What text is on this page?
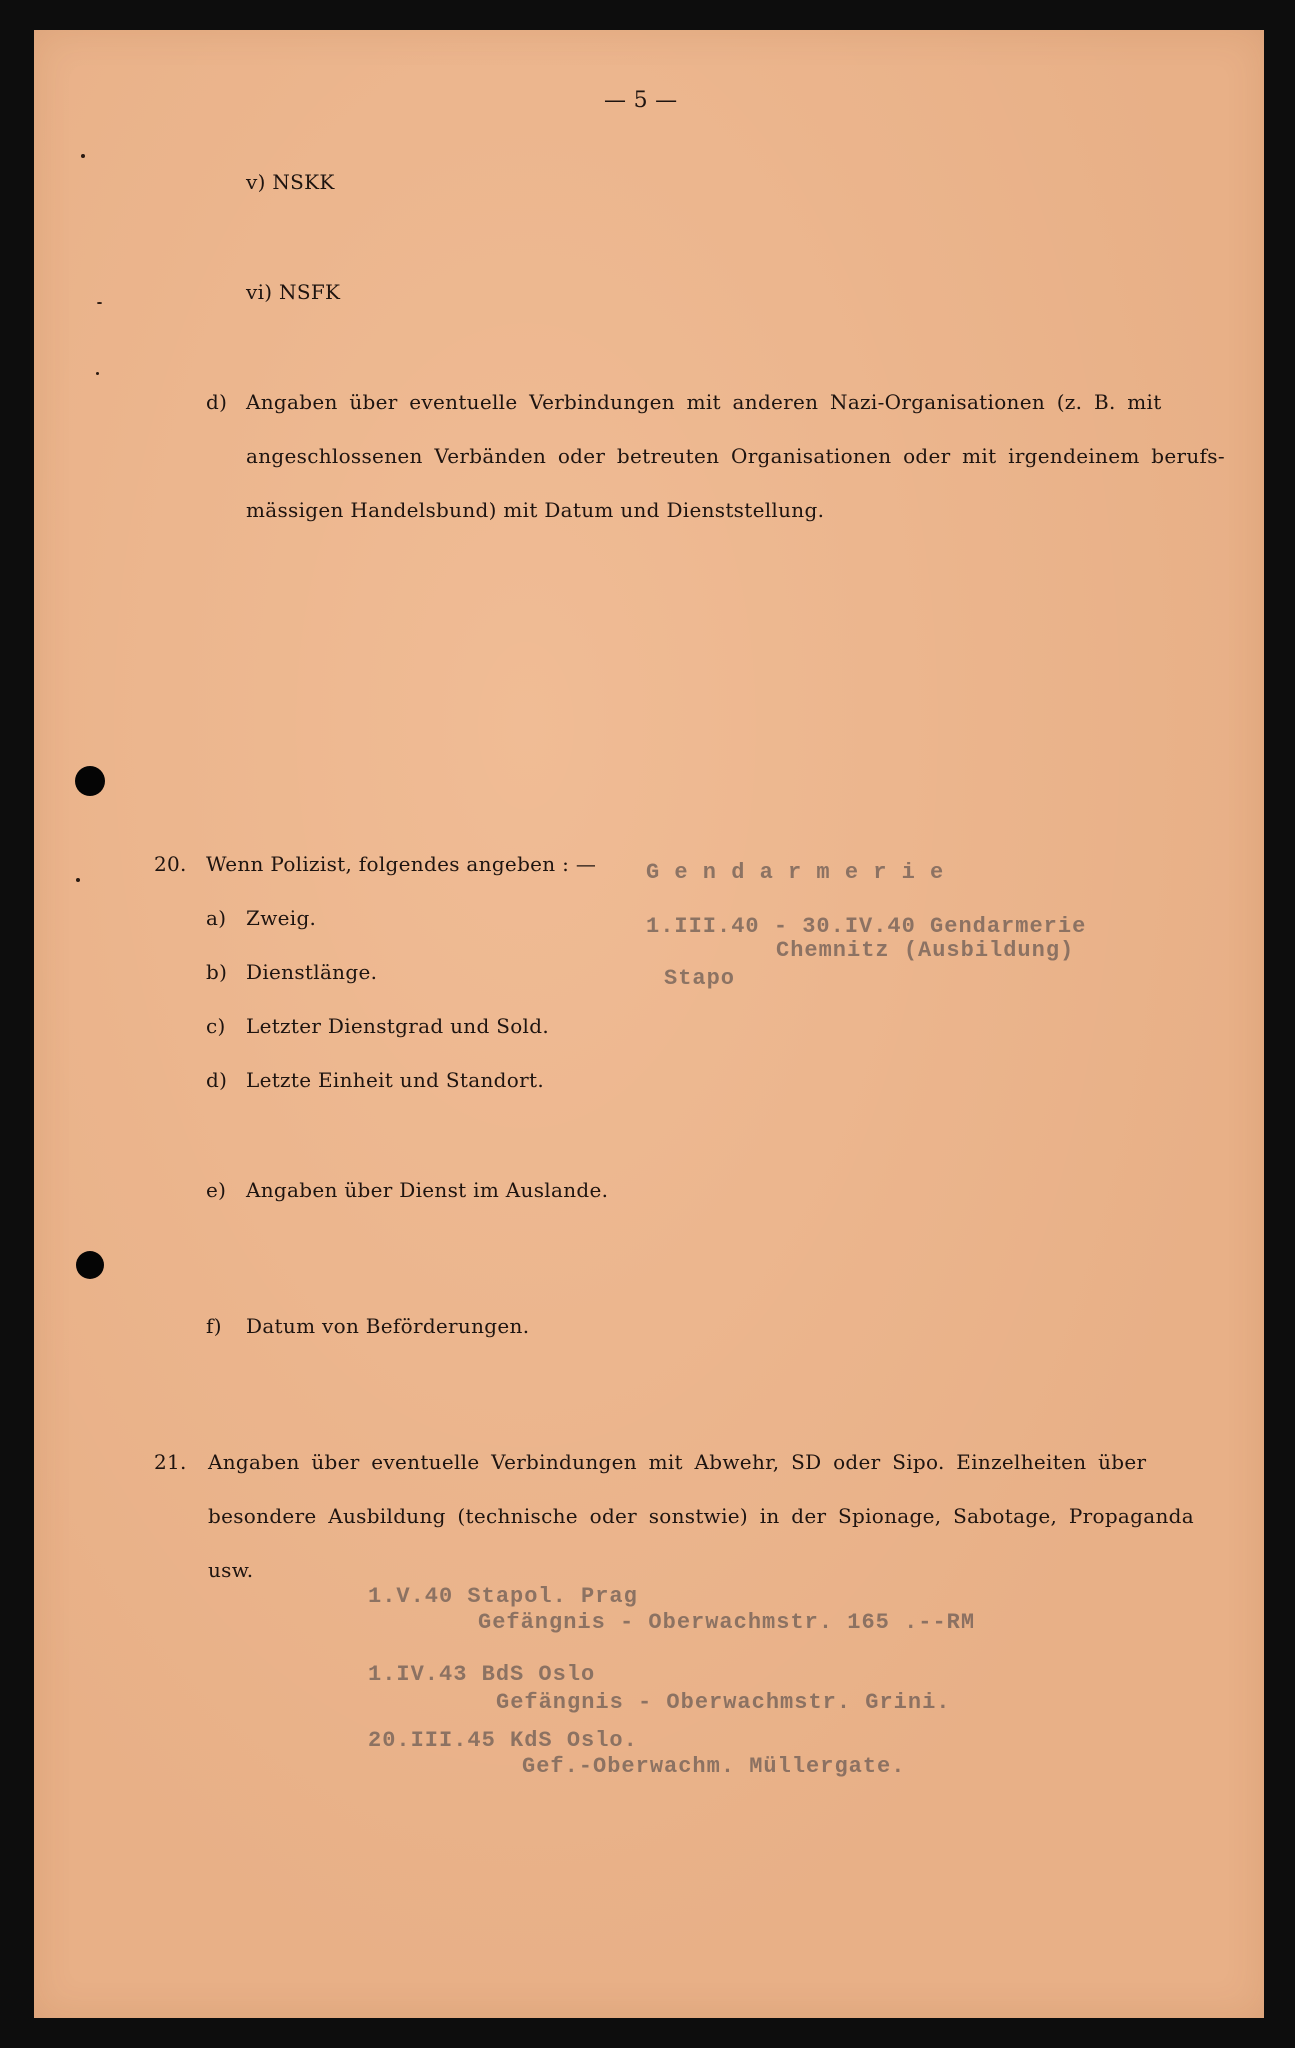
— 5 —

v) NSKK

vi) NSFK

d) Angaben über eventuelle Verbindungen mit anderen Nazi-Organisationen (z. B. mit

angeschlossenen Verbänden oder betreuten Organisationen oder mit irgendeinem berufs-

mässigen Handelsbund) mit Datum und Dienststellung.

20. Wenn Polizist, folgendes angeben : —

a) Zweig.

b) Dienstlänge.

c) Letzter Dienstgrad und Sold.

d) Letzte Einheit und Standort.

e) Angaben über Dienst im Auslande.

f) Datum von Beförderungen.

G e n d a r m e r i e

1.III.40 - 30.IV.40 Gendarmerie

Chemnitz (Ausbildung)

Stapo

21. Angaben über eventuelle Verbindungen mit Abwehr, SD oder Sipo. Einzelheiten über

besondere Ausbildung (technische oder sonstwie) in der Spionage, Sabotage, Propaganda

usw.

1.V.40 Stapol. Prag

Gefängnis - Oberwachmstr. 165 .--RM

1.IV.43 BdS Oslo

Gefängnis - Oberwachmstr. Grini.

20.III.45 KdS Oslo.

Gef.-Oberwachm. Müllergate.
